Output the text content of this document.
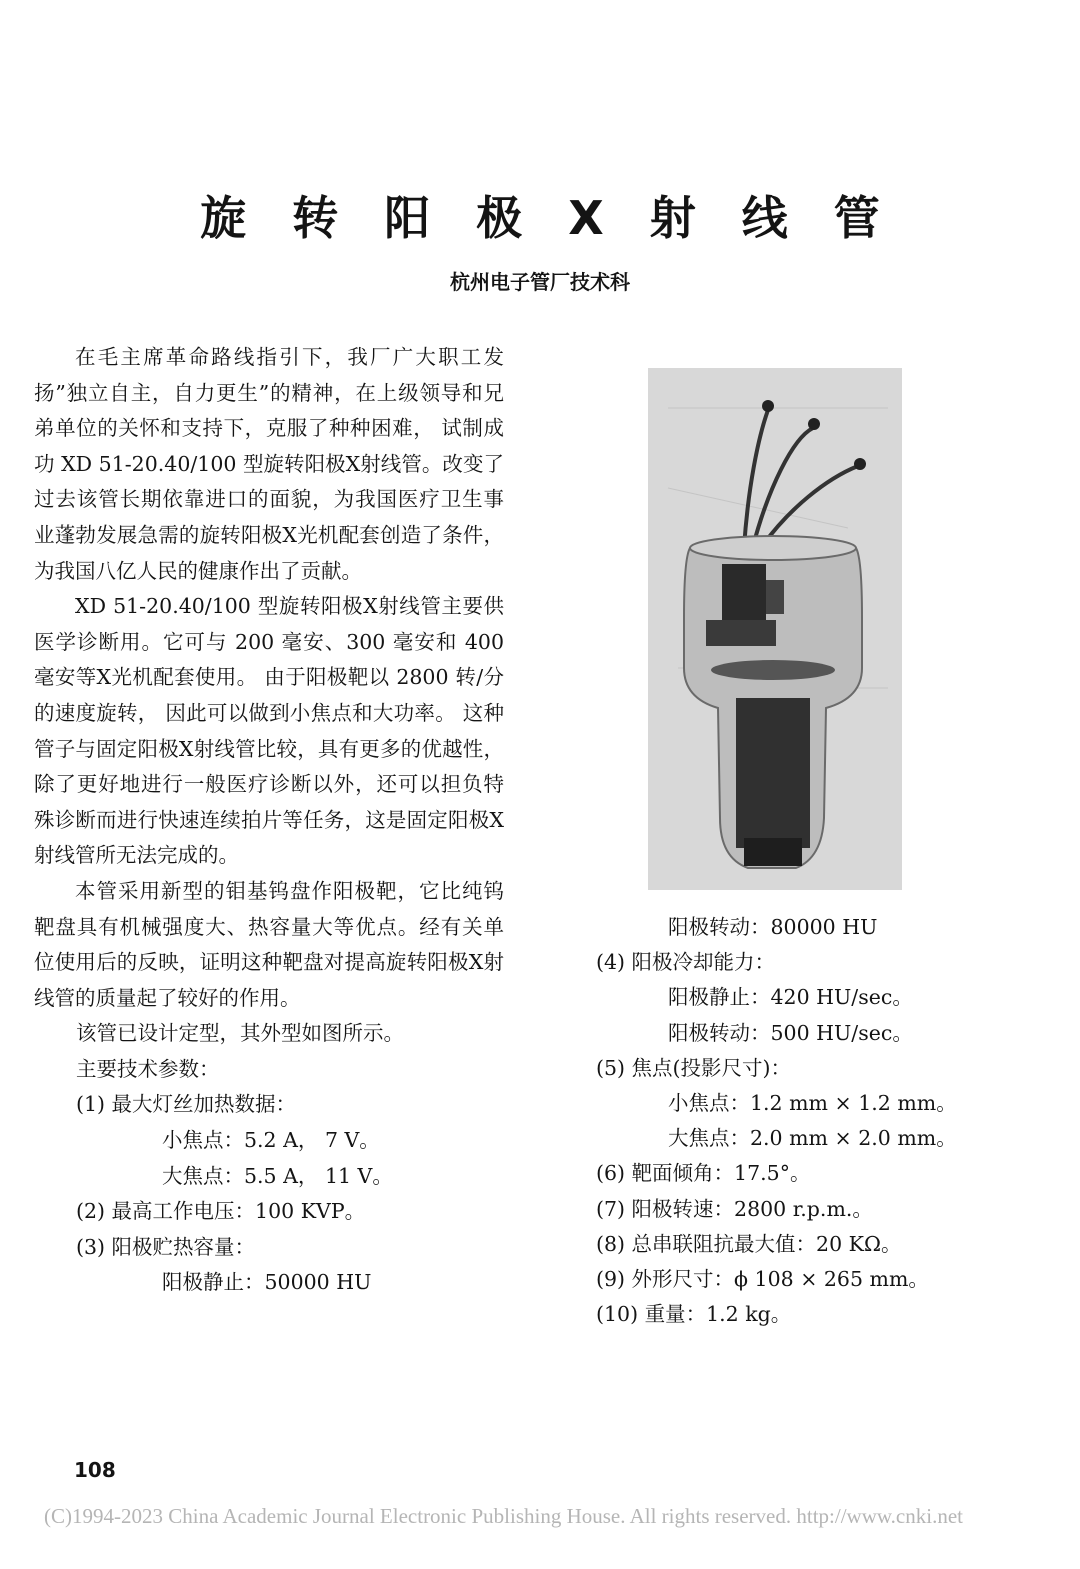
旋转阳极X射线管
杭州电子管厂技术科

在毛主席革命路线指引下，我厂广大职工发扬”独立自主，自力更生”的精神，在上级领导和兄弟单位的关怀和支持下，克服了种种困难， 试制成功 XD 51-20.40/100 型旋转阳极X射线管。改变了过去该管长期依靠进口的面貌，为我国医疗卫生事业蓬勃发展急需的旋转阳极X光机配套创造了条件，为我国八亿人民的健康作出了贡献。

XD 51-20.40/100 型旋转阳极X射线管主要供医学诊断用。它可与 200 毫安、300 毫安和 400 毫安等X光机配套使用。 由于阳极靶以 2800 转/分的速度旋转， 因此可以做到小焦点和大功率。 这种管子与固定阳极X射线管比较，具有更多的优越性，除了更好地进行一般医疗诊断以外，还可以担负特殊诊断而进行快速连续拍片等任务，这是固定阳极X射线管所无法完成的。

本管采用新型的钼基钨盘作阳极靶，它比纯钨靶盘具有机械强度大、热容量大等优点。经有关单位使用后的反映，证明这种靶盘对提高旋转阳极X射线管的质量起了较好的作用。

该管已设计定型，其外型如图所示。
主要技术参数：
(1) 最大灯丝加热数据：
小焦点：5.2 A， 7 V。
大焦点：5.5 A， 11 V。
(2) 最高工作电压：100 KVP。
(3) 阳极贮热容量：
阳极静止：50000 HU
阳极转动：80000 HU
(4) 阳极冷却能力：
阳极静止：420 HU/sec。
阳极转动：500 HU/sec。
(5) 焦点(投影尺寸)：
小焦点：1.2 mm × 1.2 mm。
大焦点：2.0 mm × 2.0 mm。
(6) 靶面倾角：17.5°。
(7) 阳极转速：2800 r.p.m.。
(8) 总串联阻抗最大值：20 KΩ。
(9) 外形尺寸：ϕ 108 × 265 mm。
(10) 重量：1.2 kg。
108
(C)1994-2023 China Academic Journal Electronic Publishing House. All rights reserved. http://www.cnki.net
